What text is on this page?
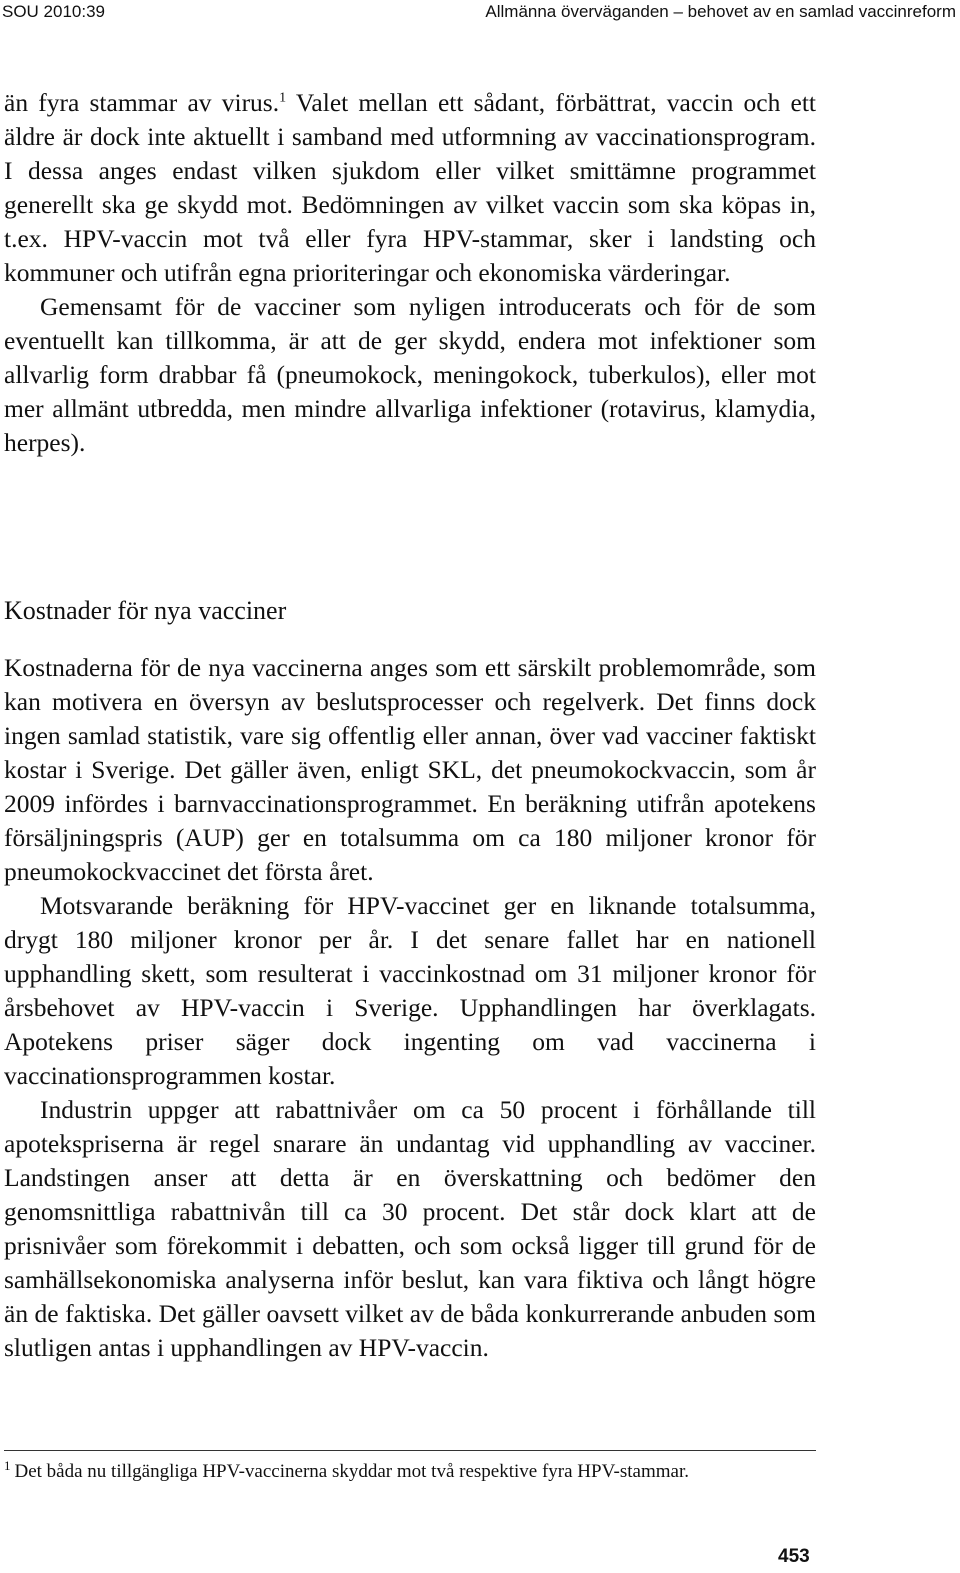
SOU 2010:39	Allmänna överväganden – behovet av en samlad vaccinreform

än fyra stammar av virus.$^1$ Valet mellan ett sådant, förbättrat, vaccin och ett äldre är dock inte aktuellt i samband med utformning av vaccinationsprogram. I dessa anges endast vilken sjukdom eller vilket smittämne programmet generellt ska ge skydd mot. Bedömningen av vilket vaccin som ska köpas in, t.ex. HPV-vaccin mot två eller fyra HPV-stammar, sker i landsting och kommuner och utifrån egna prioriteringar och ekonomiska värderingar.

Gemensamt för de vacciner som nyligen introducerats och för de som eventuellt kan tillkomma, är att de ger skydd, endera mot infektioner som allvarlig form drabbar få (pneumokock, meningokock, tuberkulos), eller mot mer allmänt utbredda, men mindre allvarliga infektioner (rotavirus, klamydia, herpes).

Kostnader för nya vacciner

Kostnaderna för de nya vaccinerna anges som ett särskilt problemområde, som kan motivera en översyn av beslutsprocesser och regelverk. Det finns dock ingen samlad statistik, vare sig offentlig eller annan, över vad vacciner faktiskt kostar i Sverige. Det gäller även, enligt SKL, det pneumokockvaccin, som år 2009 infördes i barnvaccinationsprogrammet. En beräkning utifrån apotekens försäljningspris (AUP) ger en totalsumma om ca 180 miljoner kronor för pneumokockvaccinet det första året.

Motsvarande beräkning för HPV-vaccinet ger en liknande totalsumma, drygt 180 miljoner kronor per år. I det senare fallet har en nationell upphandling skett, som resulterat i vaccinkostnad om 31 miljoner kronor för årsbehovet av HPV-vaccin i Sverige. Upphandlingen har överklagats. Apotekens priser säger dock ingenting om vad vaccinerna i vaccinationsprogrammen kostar.

Industrin uppger att rabattnivåer om ca 50 procent i förhållande till apotekspriserna är regel snarare än undantag vid upphandling av vacciner. Landstingen anser att detta är en överskattning och bedömer den genomsnittliga rabattnivån till ca 30 procent. Det står dock klart att de prisnivåer som förekommit i debatten, och som också ligger till grund för de samhällsekonomiska analyserna inför beslut, kan vara fiktiva och långt högre än de faktiska. Det gäller oavsett vilket av de båda konkurrerande anbuden som slutligen antas i upphandlingen av HPV-vaccin.

$^1$ Det båda nu tillgängliga HPV-vaccinerna skyddar mot två respektive fyra HPV-stammar.
453
